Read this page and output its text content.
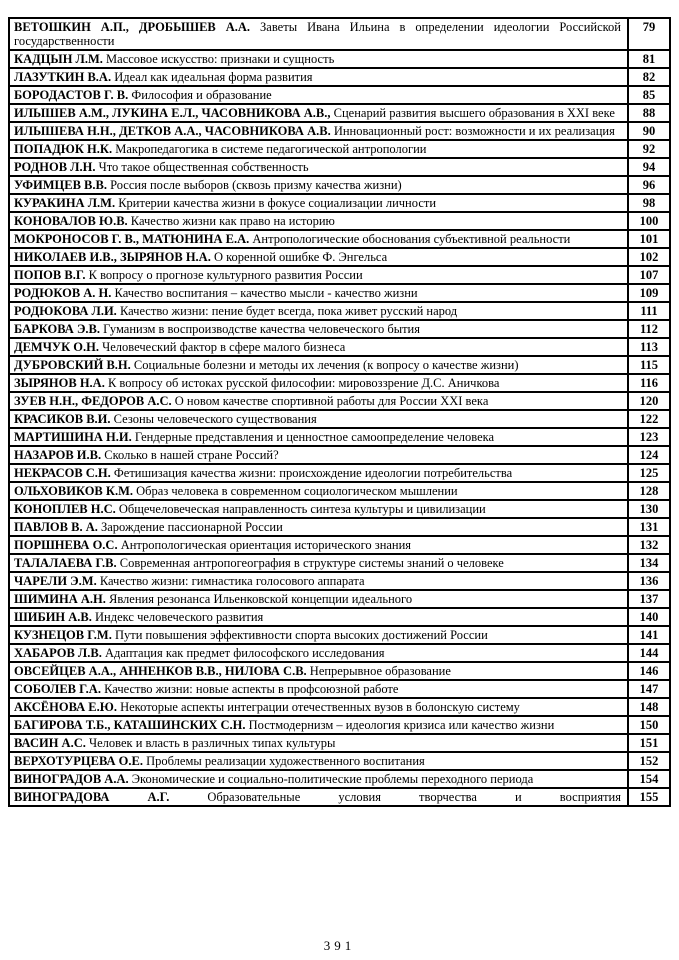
ВЕТОШКИН А.П., ДРОБЫШЕВ А.А. Заветы Ивана Ильина в определении идеологии Российской государственности	79
КАДЦЫН Л.М. Массовое искусство: признаки и сущность	81
ЛАЗУТКИН В.А. Идеал как идеальная форма развития	82
БОРОДАСТОВ Г. В. Философия и образование	85
ИЛЫШЕВ А.М., ЛУКИНА Е.Л., ЧАСОВНИКОВА А.В., Сценарий развития высшего образования в XXI веке	88
ИЛЫШЕВА Н.Н., ДЕТКОВ А.А., ЧАСОВНИКОВА А.В. Инновационный рост: возможности и их реализация	90
ПОПАДЮК Н.К. Макропедагогика в системе педагогической антропологии	92
РОДНОВ Л.Н. Что такое общественная собственность	94
УФИМЦЕВ В.В. Россия после выборов (сквозь призму качества жизни)	96
КУРАКИНА Л.М. Критерии качества жизни в фокусе социализации личности	98
КОНОВАЛОВ Ю.В. Качество жизни как право на историю	100
МОКРОНОСОВ Г. В., МАТЮНИНА Е.А. Антропологические обоснования субъективной реальности	101
НИКОЛАЕВ И.В., ЗЫРЯНОВ Н.А. О коренной ошибке Ф. Энгельса	102
ПОПОВ В.Г. К вопросу о прогнозе культурного развития России	107
РОДЮКОВ А. Н. Качество воспитания – качество мысли - качество жизни	109
РОДЮКОВА Л.И. Качество жизни: пение будет всегда, пока живет русский народ	111
БАРКОВА Э.В. Гуманизм в воспроизводстве качества человеческого бытия	112
ДЕМЧУК О.Н. Человеческий фактор в сфере малого бизнеса	113
ДУБРОВСКИЙ В.Н. Социальные болезни и методы их лечения (к вопросу о качестве жизни)	115
ЗЫРЯНОВ Н.А. К вопросу об истоках русской философии: мировоззрение Д.С. Аничкова	116
ЗУЕВ Н.Н., ФЕДОРОВ А.С. О новом качестве спортивной работы для России XXI века	120
КРАСИКОВ В.И. Сезоны человеческого существования	122
МАРТИШИНА Н.И. Гендерные представления и ценностное самоопределение человека	123
НАЗАРОВ И.В. Сколько в нашей стране Россий?	124
НЕКРАСОВ С.Н. Фетишизация качества жизни: происхождение идеологии потребительства	125
ОЛЬХОВИКОВ К.М. Образ человека в современном социологическом мышлении	128
КОНОПЛЕВ Н.С. Общечеловеческая направленность синтеза культуры и цивилизации	130
ПАВЛОВ В. А. Зарождение пассионарной России	131
ПОРШНЕВА О.С. Антропологическая ориентация исторического знания	132
ТАЛАЛАЕВА Г.В. Современная антропогеография в структуре системы знаний о человеке	134
ЧАРЕЛИ Э.М. Качество жизни: гимнастика голосового аппарата	136
ШИМИНА А.Н. Явления резонанса Ильенковской концепции идеального	137
ШИБИН А.В. Индекс человеческого развития	140
КУЗНЕЦОВ Г.М. Пути повышения эффективности спорта высоких достижений России	141
ХАБАРОВ Л.В. Адаптация как предмет философского исследования	144
ОВСЕЙЦЕВ А.А., АННЕНКОВ В.В., НИЛОВА С.В. Непрерывное образование	146
СОБОЛЕВ Г.А. Качество жизни: новые аспекты в профсоюзной работе	147
АКСЁНОВА Е.Ю. Некоторые аспекты интеграции отечественных вузов в болонскую систему	148
БАГИРОВА Т.Б., КАТАШИНСКИХ С.Н. Постмодернизм – идеология кризиса или качество жизни	150
ВАСИН А.С. Человек и власть в различных типах культуры	151
ВЕРХОТУРЦЕВА О.Е. Проблемы реализации художественного воспитания	152
ВИНОГРАДОВ А.А. Экономические и социально-политические проблемы переходного периода	154
ВИНОГРАДОВА А.Г. Образовательные условия творчества и восприятия	155
391
